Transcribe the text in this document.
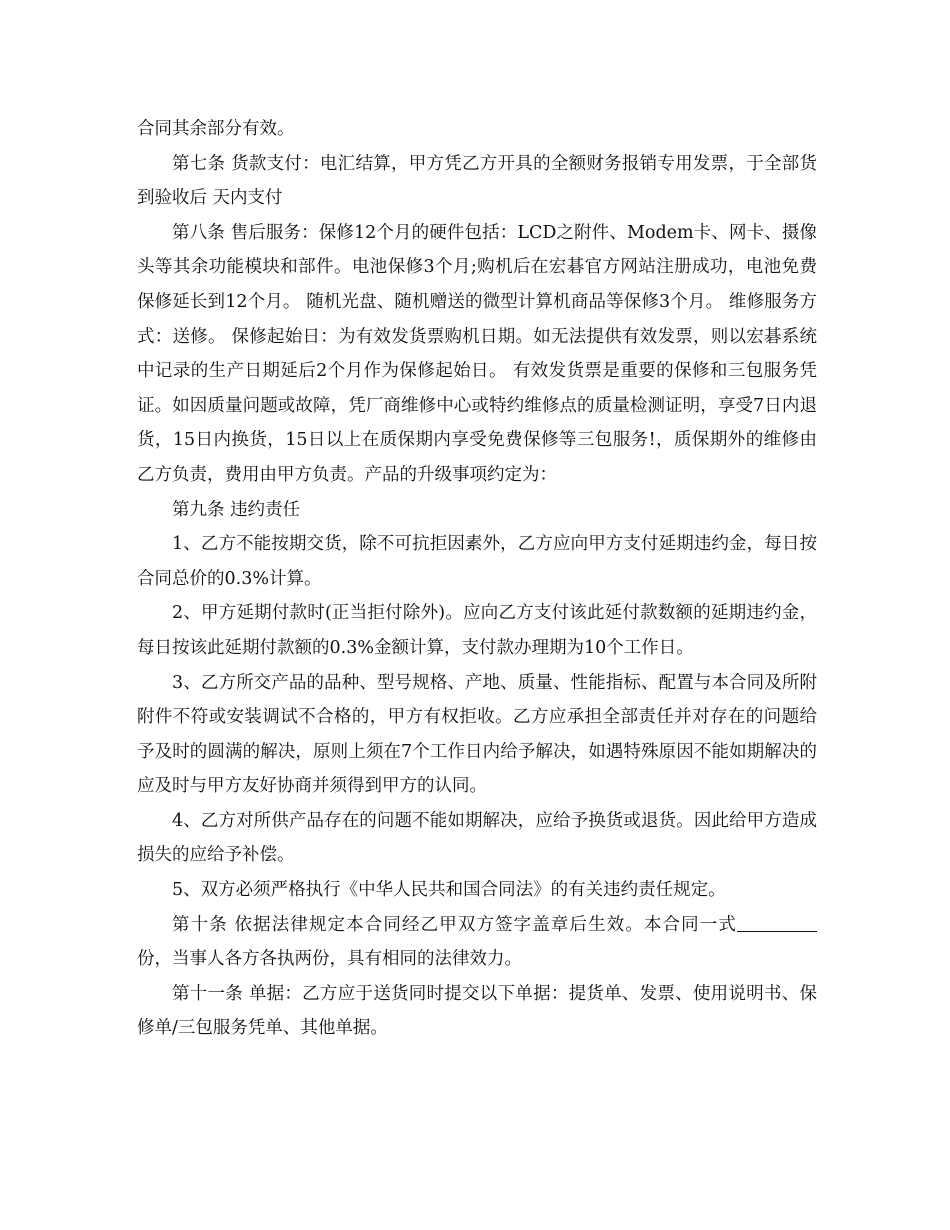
合同其余部分有效。

第七条 货款支付：电汇结算，甲方凭乙方开具的全额财务报销专用发票，于全部货到验收后 天内支付

第八条 售后服务：保修12个月的硬件包括：LCD之附件、Modem卡、网卡、摄像头等其余功能模块和部件。电池保修3个月;购机后在宏碁官方网站注册成功，电池免费保修延长到12个月。 随机光盘、随机赠送的微型计算机商品等保修3个月。 维修服务方式：送修。 保修起始日：为有效发货票购机日期。如无法提供有效发票，则以宏碁系统中记录的生产日期延后2个月作为保修起始日。 有效发货票是重要的保修和三包服务凭证。如因质量问题或故障，凭厂商维修中心或特约维修点的质量检测证明，享受7日内退货，15日内换货，15日以上在质保期内享受免费保修等三包服务!，质保期外的维修由乙方负责，费用由甲方负责。产品的升级事项约定为：

第九条 违约责任

1、乙方不能按期交货，除不可抗拒因素外，乙方应向甲方支付延期违约金，每日按合同总价的0.3%计算。

2、甲方延期付款时(正当拒付除外)。应向乙方支付该此延付款数额的延期违约金，每日按该此延期付款额的0.3%金额计算，支付款办理期为10个工作日。

3、乙方所交产品的品种、型号规格、产地、质量、性能指标、配置与本合同及所附附件不符或安装调试不合格的，甲方有权拒收。乙方应承担全部责任并对存在的问题给予及时的圆满的解决，原则上须在7个工作日内给予解决，如遇特殊原因不能如期解决的应及时与甲方友好协商并须得到甲方的认同。

4、乙方对所供产品存在的问题不能如期解决，应给予换货或退货。因此给甲方造成损失的应给予补偿。

5、双方必须严格执行《中华人民共和国合同法》的有关违约责任规定。

第十条 依据法律规定本合同经乙甲双方签字盖章后生效。本合同一式份，当事人各方各执两份，具有相同的法律效力。

第十一条 单据：乙方应于送货同时提交以下单据：提货单、发票、使用说明书、保修单/三包服务凭单、其他单据。
